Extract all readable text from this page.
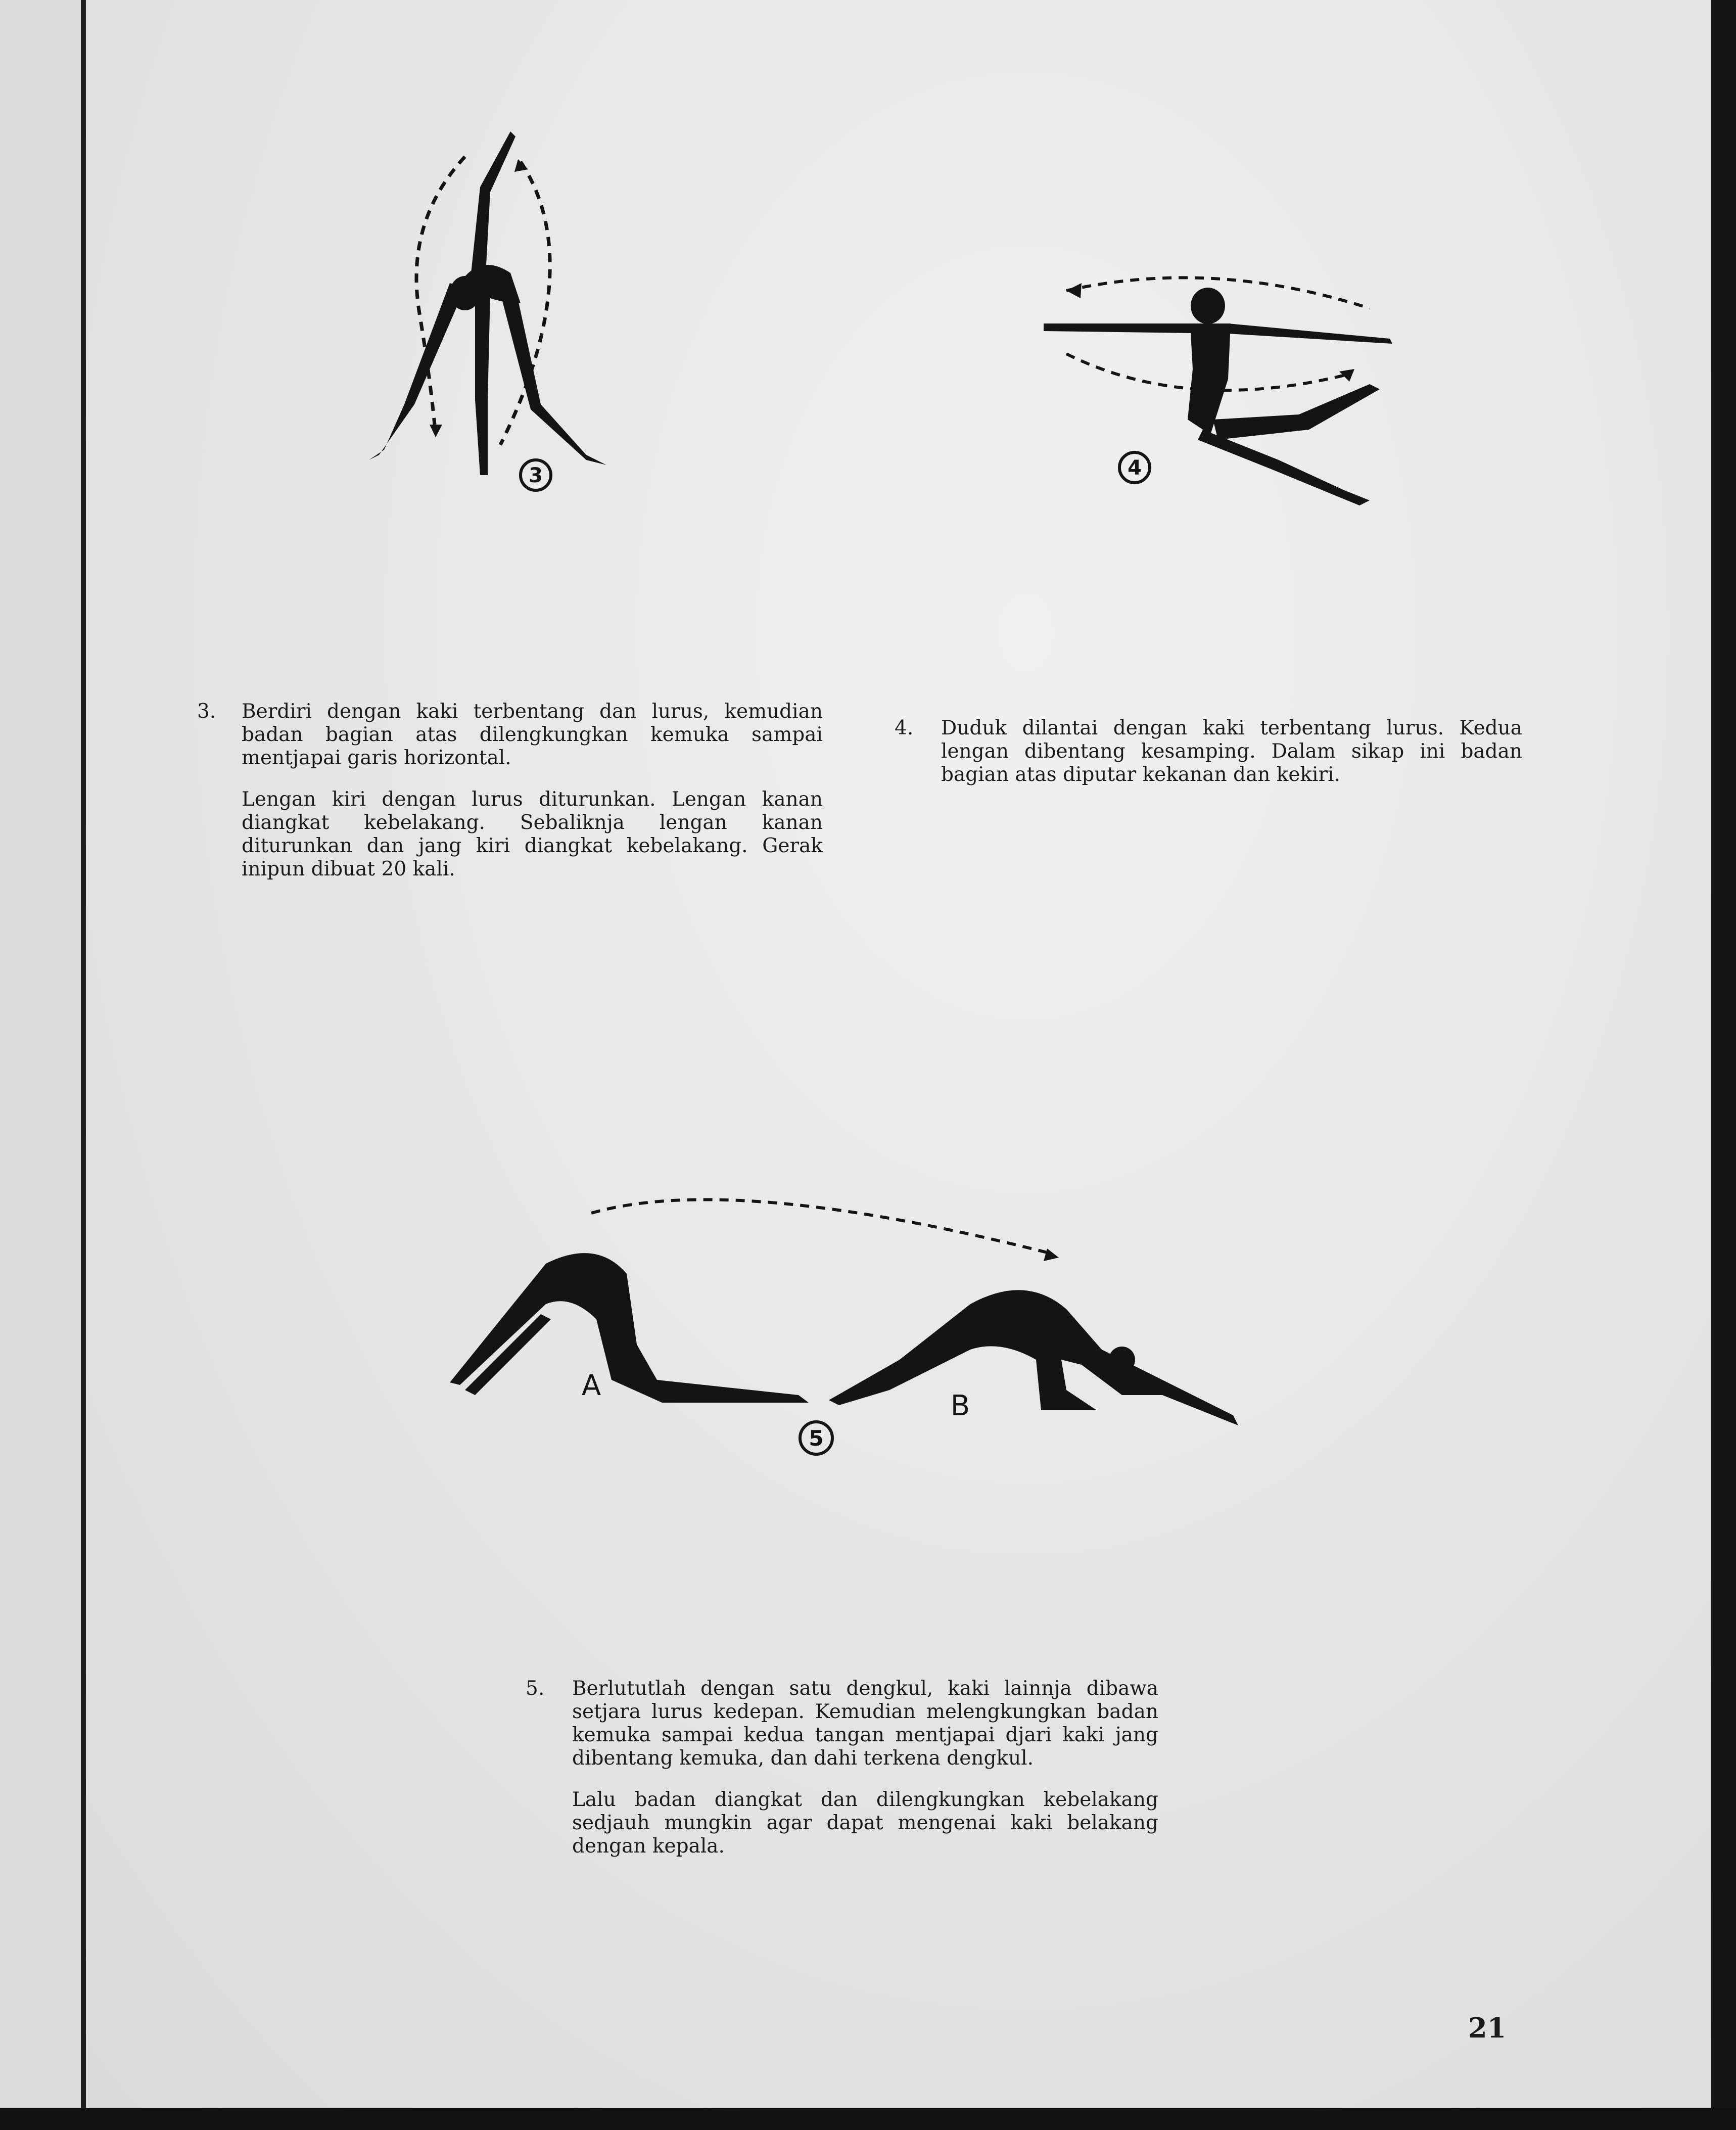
3	4
A
B
5
3. Berdiri dengan kaki terbentang dan lurus, kemudian badan bagian atas dilengkungkan kemuka sampai mentjapai garis horizontal.

Lengan kiri dengan lurus diturunkan. Lengan kanan diangkat kebelakang. Sebaliknјa lengan kanan diturunkan dan jang kiri diangkat kebelakang. Gerak inipun dibuat 20 kali.

4. Duduk dilantai dengan kaki terbentang lurus. Kedua lengan dibentang kesamping. Dalam sikap ini badan bagian atas diputar kekanan dan kekiri.

5. Berlututlah dengan satu dengkul, kaki lainnja dibawa setjara lurus kedepan. Kemudian melengkungkan badan kemuka sampai kedua tangan mentjapai djari kaki jang dibentang kemuka, dan dahi terkena dengkul.

Lalu badan diangkat dan dilengkungkan kebelakang sedjauh mungkin agar dapat mengenai kaki belakang dengan kepala.

21
